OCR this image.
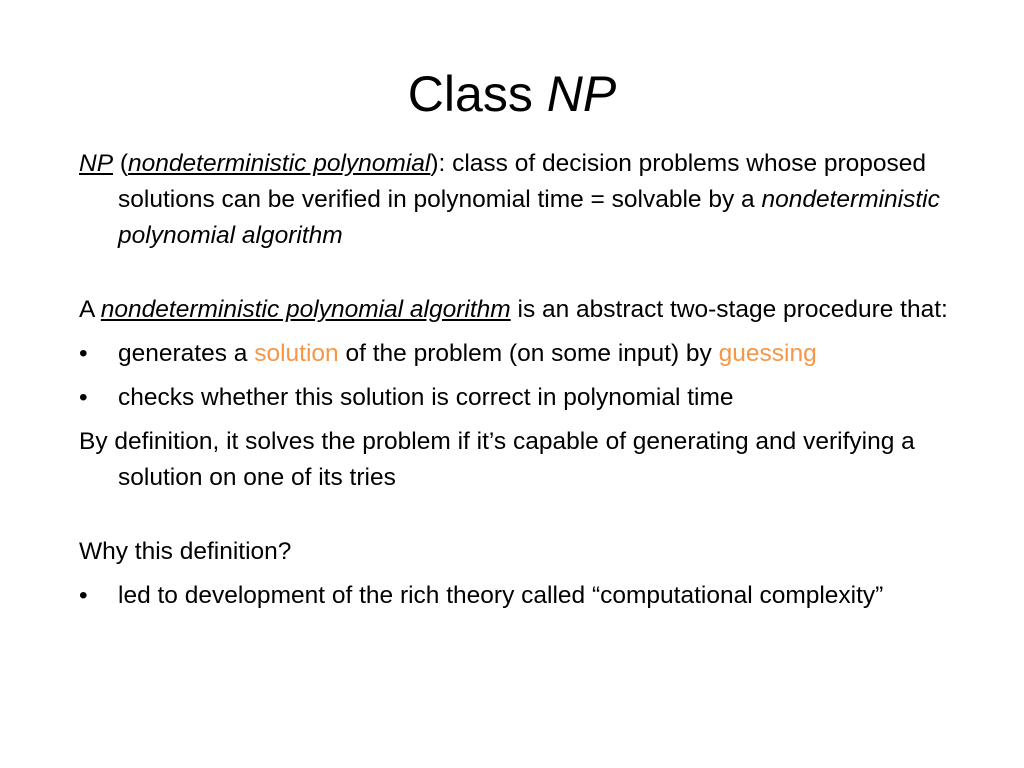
Class NP

NP (nondeterministic polynomial): class of decision problems whose proposed solutions can be verified in polynomial time = solvable by a nondeterministic polynomial algorithm

A nondeterministic polynomial algorithm is an abstract two-stage procedure that:

• generates a solution of the problem (on some input) by guessing

• checks whether this solution is correct in polynomial time

By definition, it solves the problem if it’s capable of generating and verifying a solution on one of its tries

Why this definition?

• led to development of the rich theory called “computational complexity”
